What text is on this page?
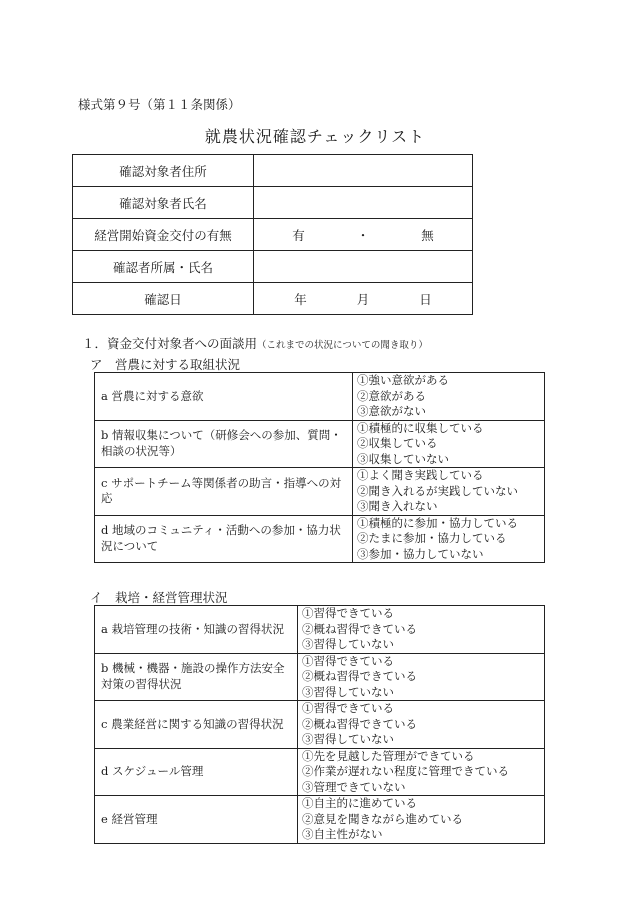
様式第９号（第１１条関係）
就農状況確認チェックリスト
確認対象者住所	
確認対象者氏名	
経営開始資金交付の有無	有 ・ 無
確認者所属・氏名	
確認日	年 月 日
１．資金交付対象者への面談用（これまでの状況についての聞き取り）
ア　営農に対する取組状況
a 営農に対する意欲	①強い意欲がある
②意欲がある
③意欲がない

b 情報収集について（研修会への参加、質問・相談の状況等）	①積極的に収集している
②収集している
③収集していない

c サポートチーム等関係者の助言・指導への対応	①よく聞き実践している
②聞き入れるが実践していない
③聞き入れない

d 地域のコミュニティ・活動への参加・協力状況について	①積極的に参加・協力している
②たまに参加・協力している
③参加・協力していない
イ　栽培・経営管理状況
a 栽培管理の技術・知識の習得状況	①習得できている
②概ね習得できている
③習得していない

b 機械・機器・施設の操作方法安全対策の習得状況	①習得できている
②概ね習得できている
③習得していない

c 農業経営に関する知識の習得状況	①習得できている
②概ね習得できている
③習得していない

d スケジュール管理	①先を見越した管理ができている
②作業が遅れない程度に管理できている
③管理できていない

e 経営管理	①自主的に進めている
②意見を聞きながら進めている
③自主性がない
